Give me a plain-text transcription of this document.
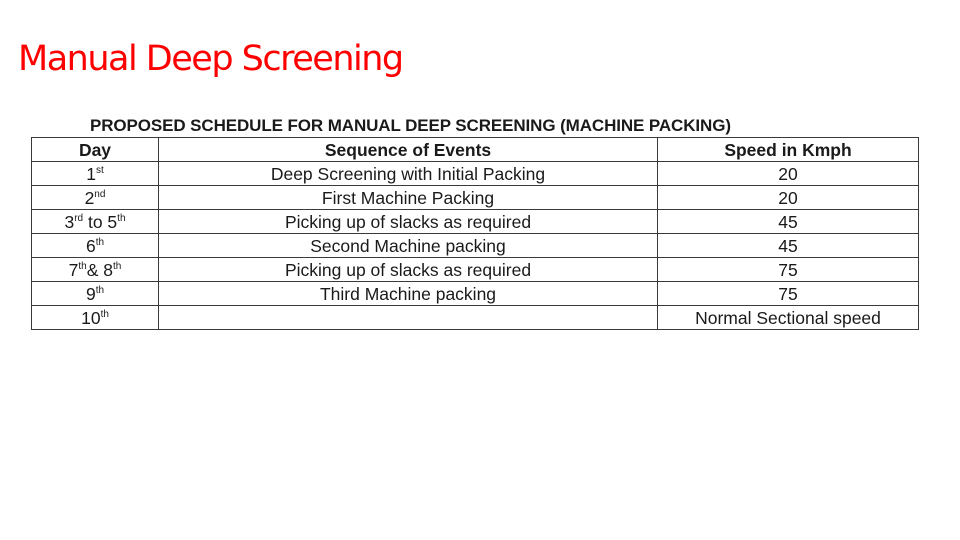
Manual Deep Screening
PROPOSED SCHEDULE FOR MANUAL DEEP SCREENING (MACHINE PACKING)
Day	Sequence of Events	Speed in Kmph
1st	Deep Screening with Initial Packing	20
2nd	First Machine Packing	20
3rd to 5th	Picking up of slacks as required	45
6th	Second Machine packing	45
7th& 8th	Picking up of slacks as required	75
9th	Third Machine packing	75
10th		Normal Sectional speed
